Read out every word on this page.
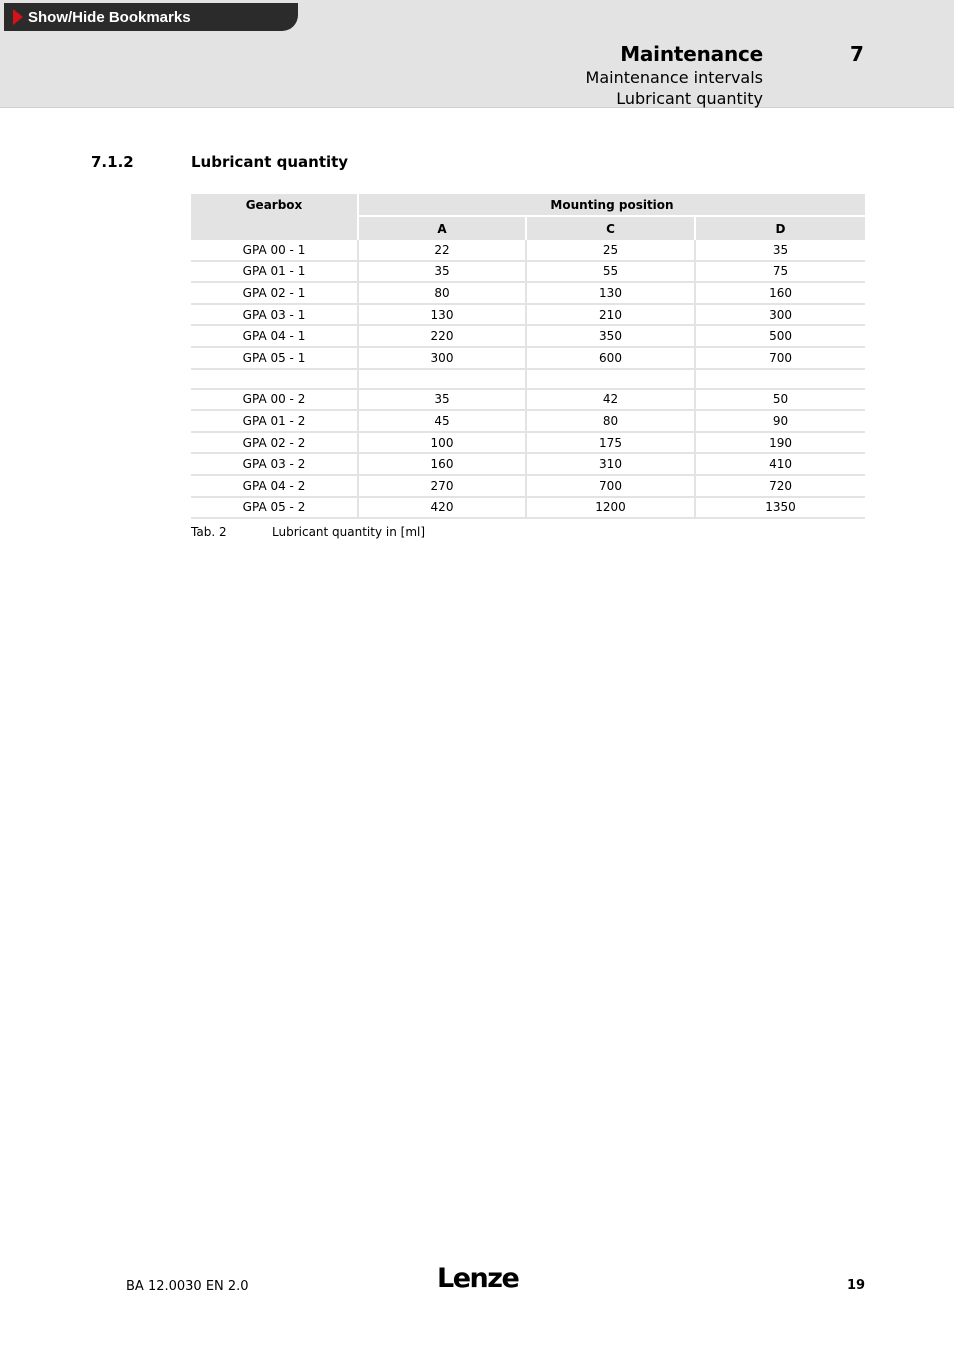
Show/Hide Bookmarks
Maintenance	7
Maintenance intervals
Lubricant quantity
7.1.2	Lubricant quantity
Gearbox	Mounting position		
	A	C	D
GPA 00 - 1	22	25	35
GPA 01 - 1	35	55	75
GPA 02 - 1	80	130	160
GPA 03 - 1	130	210	300
GPA 04 - 1	220	350	500
GPA 05 - 1	300	600	700

GPA 00 - 2	35	42	50
GPA 01 - 2	45	80	90
GPA 02 - 2	100	175	190
GPA 03 - 2	160	310	410
GPA 04 - 2	270	700	720
GPA 05 - 2	420	1200	1350
Tab. 2	Lubricant quantity in [ml]
BA 12.0030 EN 2.0	Lenze	19
